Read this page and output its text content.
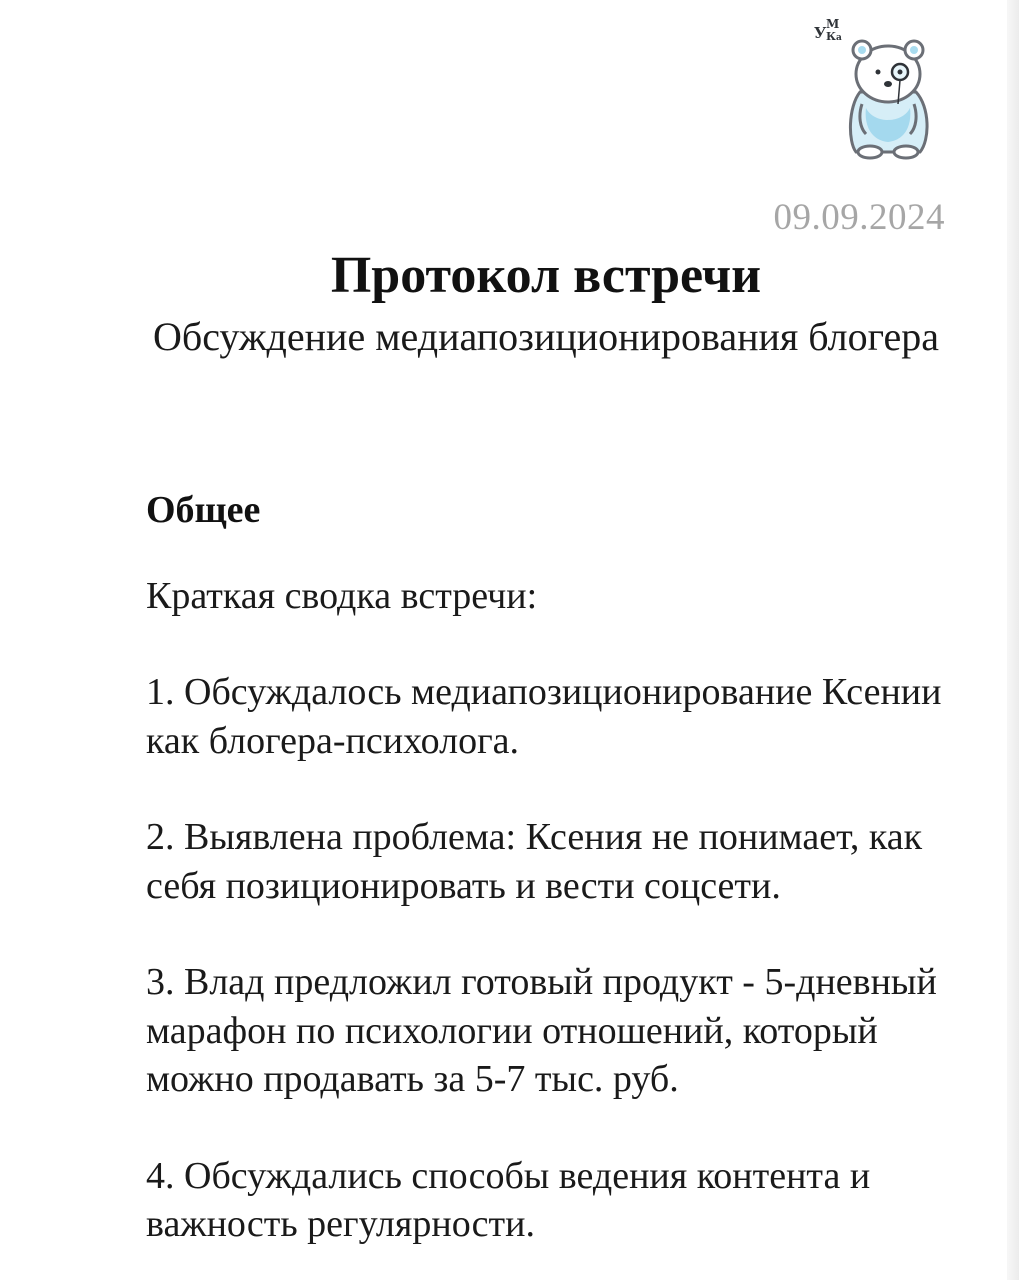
У М
К а
09.09.2024
Протокол встречи
Обсуждение медиапозиционирования блогера
Общее
Краткая сводка встречи:
1. Обсуждалось медиапозиционирование Ксении как блогера-психолога.
2. Выявлена проблема: Ксения не понимает, как себя позиционировать и вести соцсети.
3. Влад предложил готовый продукт - 5-дневный марафон по психологии отношений, который можно продавать за 5-7 тыс. руб.
4. Обсуждались способы ведения контента и важность регулярности.
